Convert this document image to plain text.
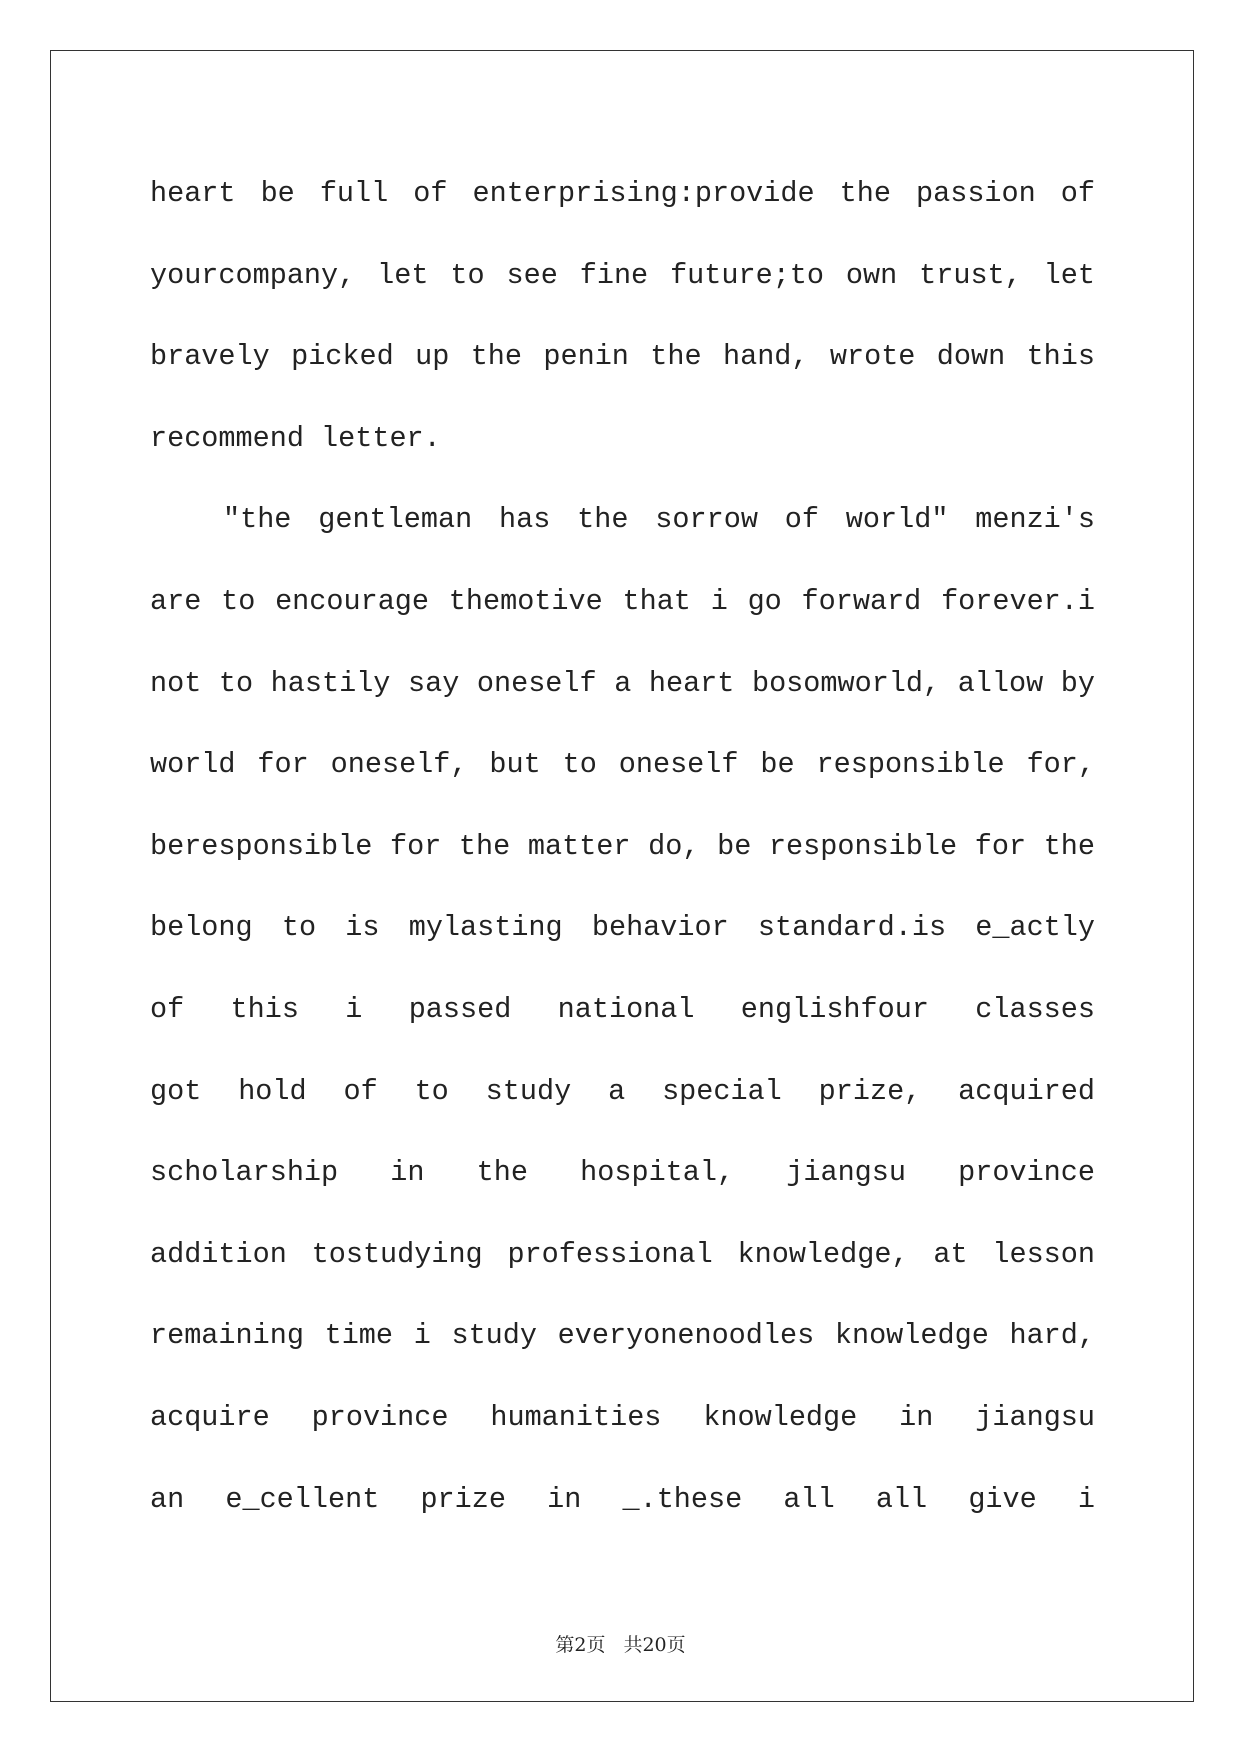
heart be full of enterprising:provide the passion of
yourcompany, let to see fine future;to own trust, let
bravely picked up the penin the hand, wrote down this
recommend letter.
"the gentleman has the sorrow of world" menzi's
are to encourage themotive that i go forward forever.i
not to hastily say oneself a heart bosomworld, allow by
world for oneself, but to oneself be responsible for,
beresponsible for the matter do, be responsible for the
belong to is mylasting behavior standard.is e_actly
of this i passed national englishfour classes
got hold of to study a special prize, acquired
scholarship in the hospital, jiangsu province
addition tostudying professional knowledge, at lesson
remaining time i study everyonenoodles knowledge hard,
acquire province humanities knowledge in jiangsu
an e_cellent prize in _.these all all give i
第2页 共20页
